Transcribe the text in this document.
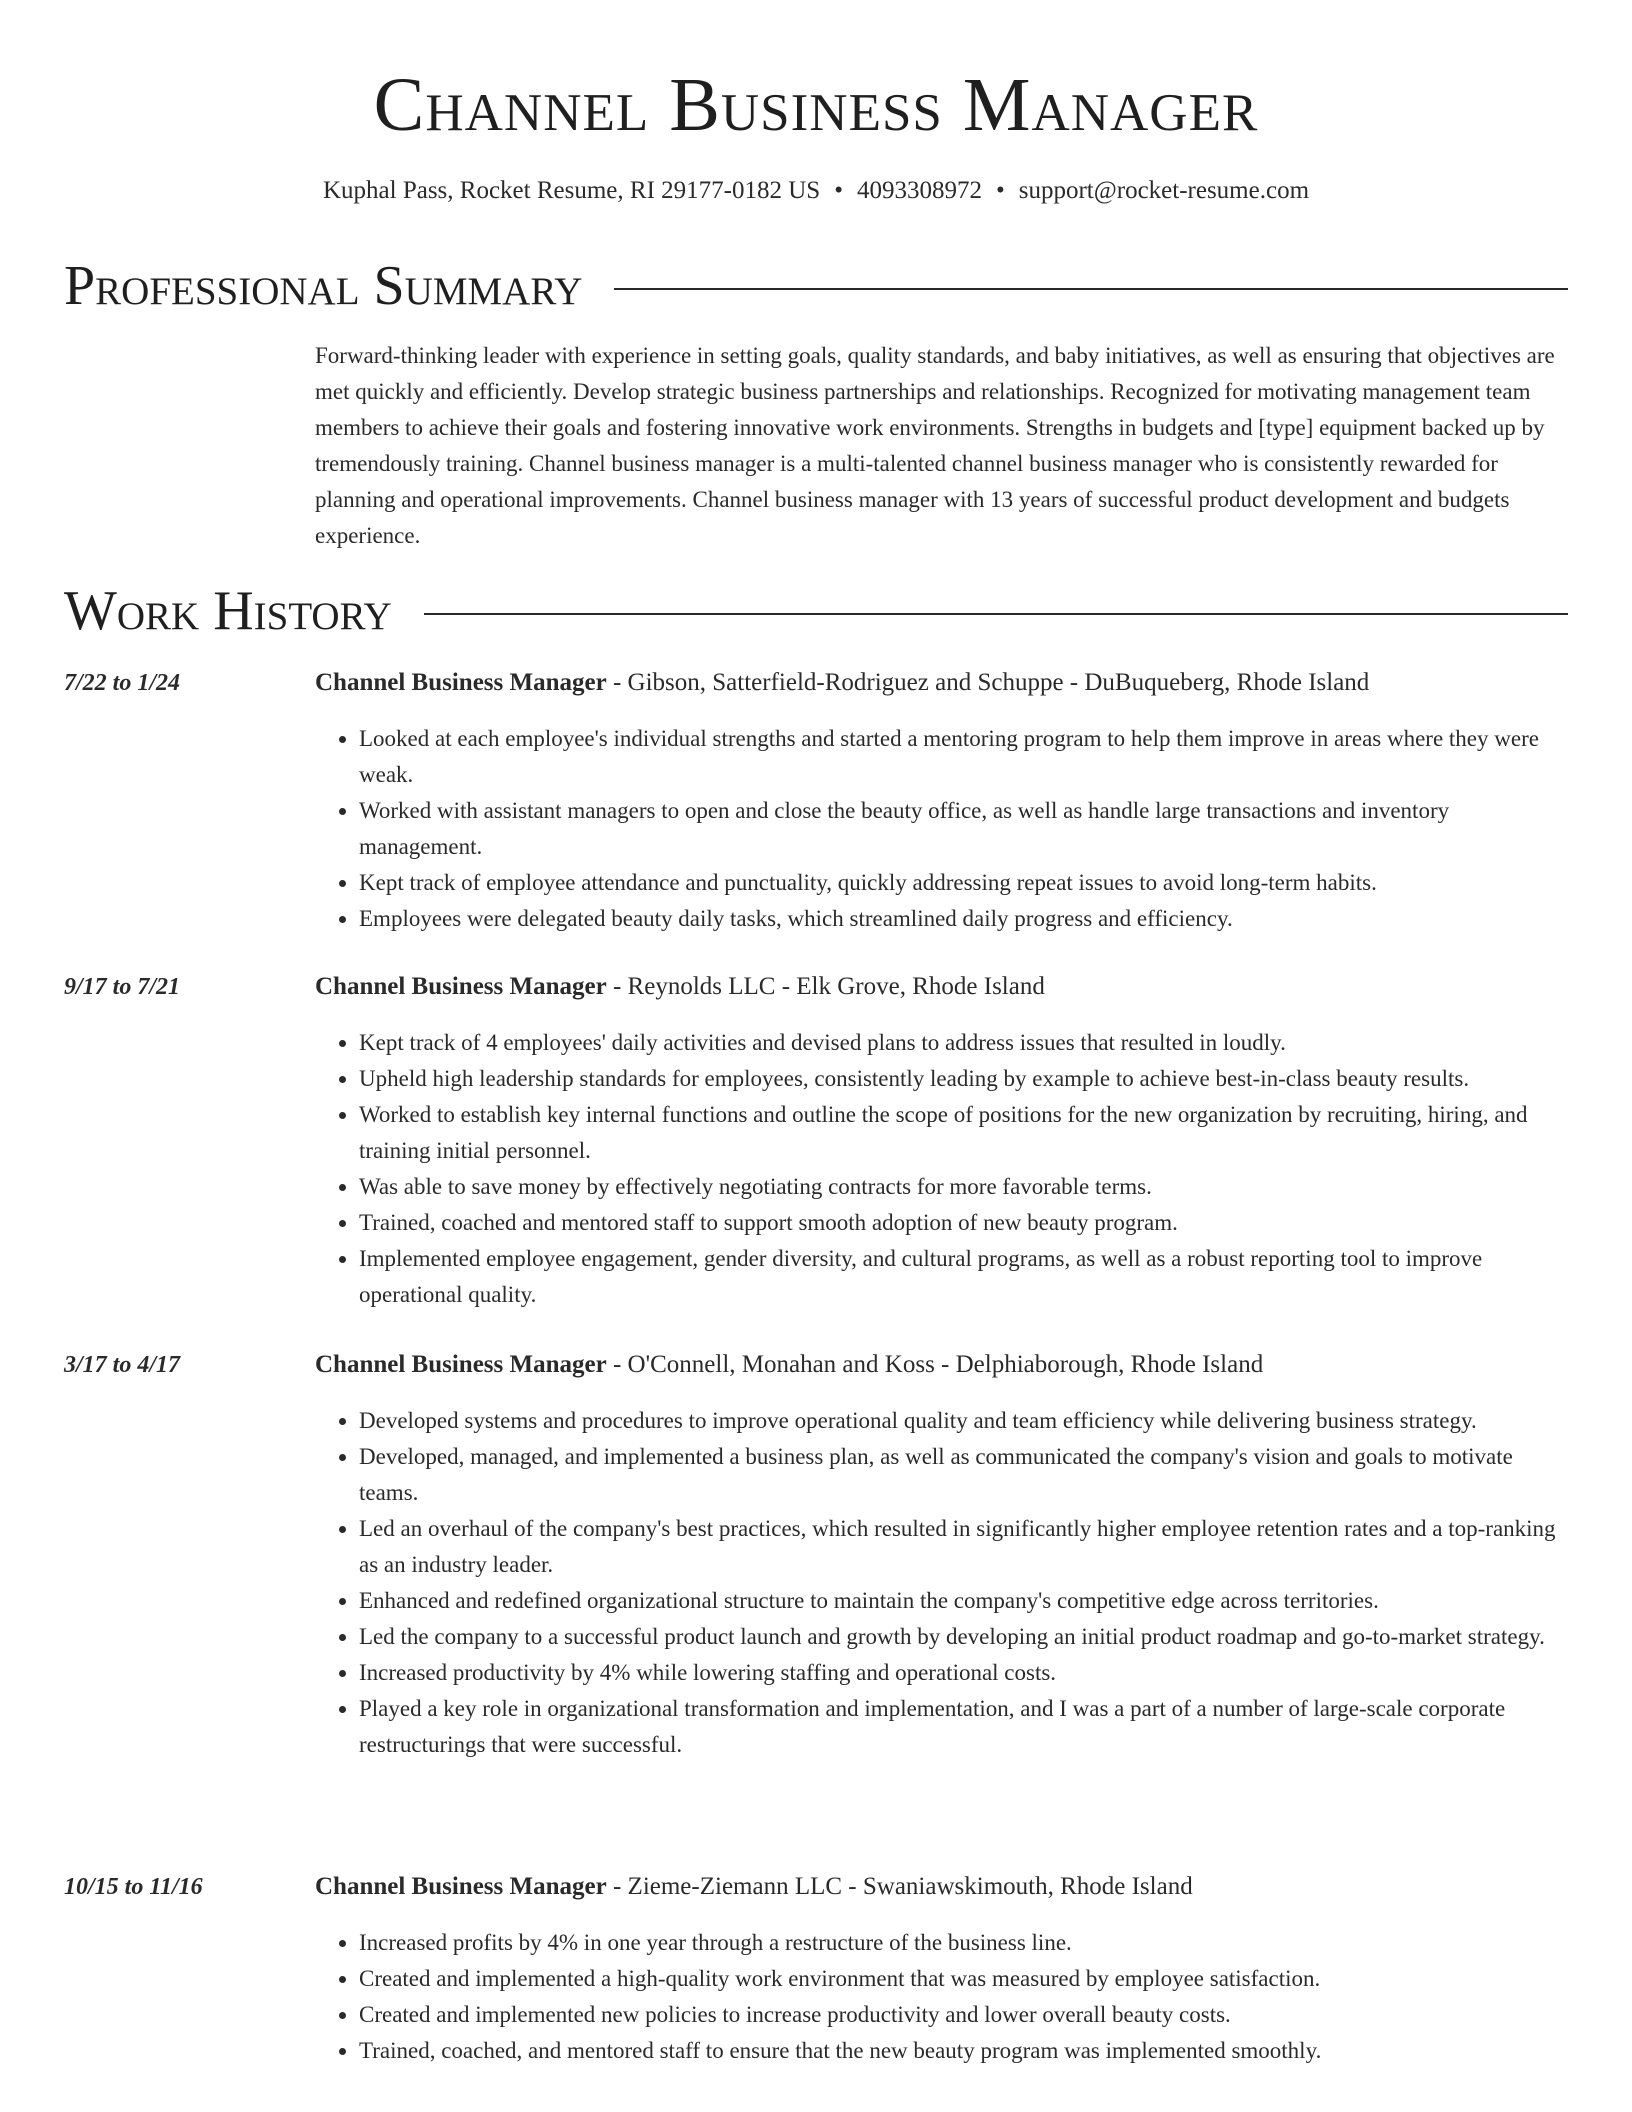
Channel Business Manager
Kuphal Pass, Rocket Resume, RI 29177-0182 US • 4093308972 • support@rocket-resume.com
Professional Summary

Forward-thinking leader with experience in setting goals, quality standards, and baby initiatives, as well as ensuring that objectives are met quickly and efficiently. Develop strategic business partnerships and relationships. Recognized for motivating management team members to achieve their goals and fostering innovative work environments. Strengths in budgets and [type] equipment backed up by tremendously training. Channel business manager is a multi-talented channel business manager who is consistently rewarded for planning and operational improvements. Channel business manager with 13 years of successful product development and budgets experience.

Work History
7/22 to 1/24	Channel Business Manager - Gibson, Satterfield-Rodriguez and Schuppe - DuBuqueberg, Rhode Island
• Looked at each employee's individual strengths and started a mentoring program to help them improve in areas where they were weak.
• Worked with assistant managers to open and close the beauty office, as well as handle large transactions and inventory management.
• Kept track of employee attendance and punctuality, quickly addressing repeat issues to avoid long-term habits.
• Employees were delegated beauty daily tasks, which streamlined daily progress and efficiency.
9/17 to 7/21	Channel Business Manager - Reynolds LLC - Elk Grove, Rhode Island
• Kept track of 4 employees' daily activities and devised plans to address issues that resulted in loudly.
• Upheld high leadership standards for employees, consistently leading by example to achieve best-in-class beauty results.
• Worked to establish key internal functions and outline the scope of positions for the new organization by recruiting, hiring, and training initial personnel.
• Was able to save money by effectively negotiating contracts for more favorable terms.
• Trained, coached and mentored staff to support smooth adoption of new beauty program.
• Implemented employee engagement, gender diversity, and cultural programs, as well as a robust reporting tool to improve operational quality.
3/17 to 4/17	Channel Business Manager - O'Connell, Monahan and Koss - Delphiaborough, Rhode Island
• Developed systems and procedures to improve operational quality and team efficiency while delivering business strategy.
• Developed, managed, and implemented a business plan, as well as communicated the company's vision and goals to motivate teams.
• Led an overhaul of the company's best practices, which resulted in significantly higher employee retention rates and a top-ranking as an industry leader.
• Enhanced and redefined organizational structure to maintain the company's competitive edge across territories.
• Led the company to a successful product launch and growth by developing an initial product roadmap and go-to-market strategy.
• Increased productivity by 4% while lowering staffing and operational costs.
• Played a key role in organizational transformation and implementation, and I was a part of a number of large-scale corporate restructurings that were successful.
10/15 to 11/16	Channel Business Manager - Zieme-Ziemann LLC - Swaniawskimouth, Rhode Island
• Increased profits by 4% in one year through a restructure of the business line.
• Created and implemented a high-quality work environment that was measured by employee satisfaction.
• Created and implemented new policies to increase productivity and lower overall beauty costs.
• Trained, coached, and mentored staff to ensure that the new beauty program was implemented smoothly.
